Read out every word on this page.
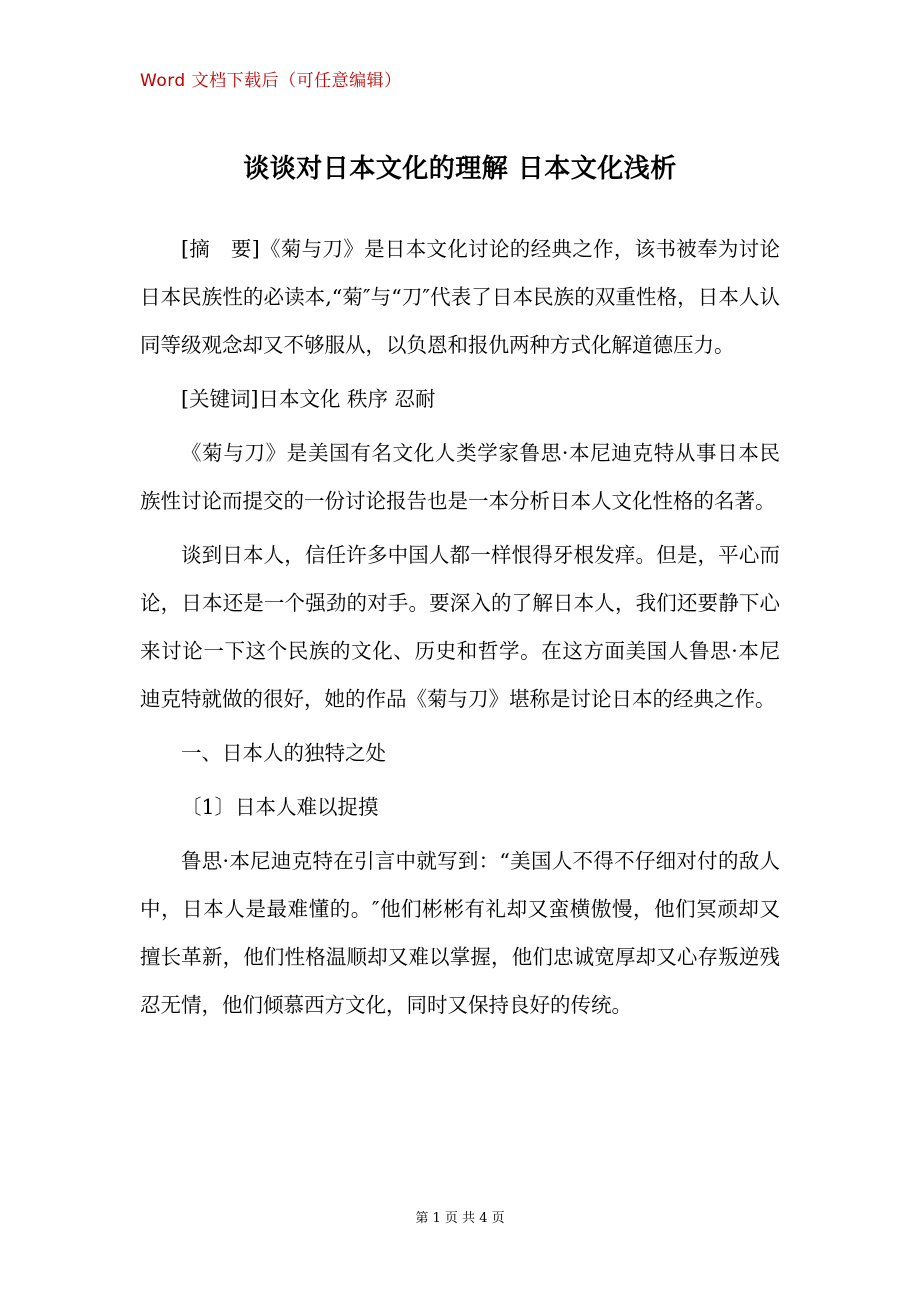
Word 文档下载后（可任意编辑）
谈谈对日本文化的理解 日本文化浅析

[摘　要]《菊与刀》是日本文化讨论的经典之作，该书被奉为讨论日本民族性的必读本,“菊″与“刀″代表了日本民族的双重性格，日本人认同等级观念却又不够服从，以负恩和报仇两种方式化解道德压力。

[关键词]日本文化 秩序 忍耐

《菊与刀》是美国有名文化人类学家鲁思·本尼迪克特从事日本民族性讨论而提交的一份讨论报告也是一本分析日本人文化性格的名著。

谈到日本人，信任许多中国人都一样恨得牙根发痒。但是，平心而论，日本还是一个强劲的对手。要深入的了解日本人，我们还要静下心来讨论一下这个民族的文化、历史和哲学。在这方面美国人鲁思·本尼迪克特就做的很好，她的作品《菊与刀》堪称是讨论日本的经典之作。

一、日本人的独特之处

〔1〕日本人难以捉摸

鲁思·本尼迪克特在引言中就写到：“美国人不得不仔细对付的敌人中，日本人是最难懂的。″他们彬彬有礼却又蛮横傲慢，他们冥顽却又擅长革新，他们性格温顺却又难以掌握，他们忠诚宽厚却又心存叛逆残忍无情，他们倾慕西方文化，同时又保持良好的传统。

第 1 页 共 4 页
